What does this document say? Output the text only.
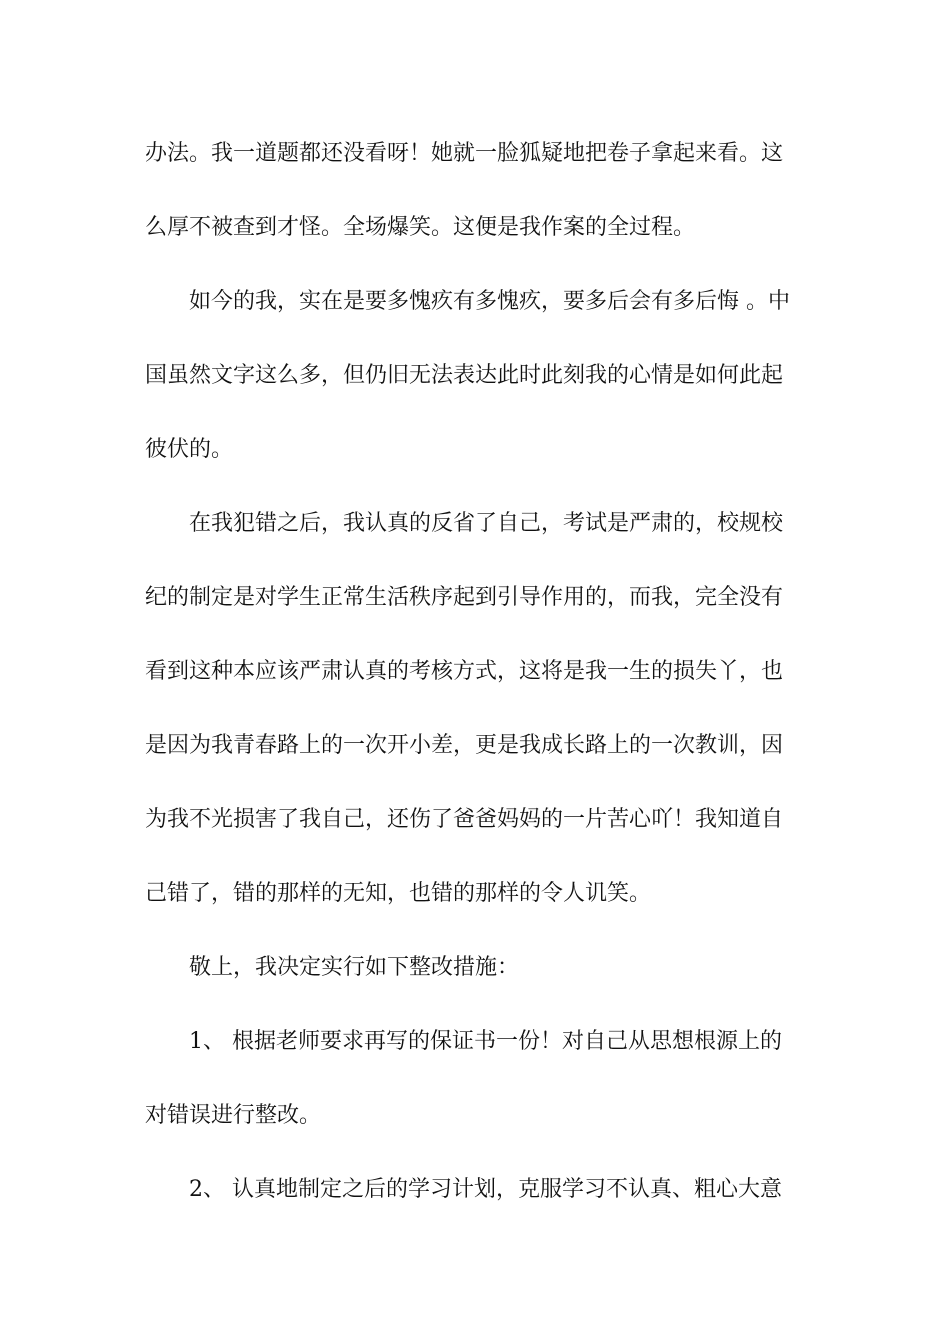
办法。我一道题都还没看呀！她就一脸狐疑地把卷子拿起来看。这
么厚不被查到才怪。全场爆笑。这便是我作案的全过程。
如今的我，实在是要多愧疚有多愧疚，要多后会有多后悔 。中
国虽然文字这么多，但仍旧无法表达此时此刻我的心情是如何此起
彼伏的。
在我犯错之后，我认真的反省了自己，考试是严肃的，校规校
纪的制定是对学生正常生活秩序起到引导作用的，而我，完全没有
看到这种本应该严肃认真的考核方式，这将是我一生的损失丫，也
是因为我青春路上的一次开小差，更是我成长路上的一次教训，因
为我不光损害了我自己，还伤了爸爸妈妈的一片苦心吖！我知道自
己错了，错的那样的无知，也错的那样的令人讥笑。
敬上，我决定实行如下整改措施：
1、 根据老师要求再写的保证书一份！对自己从思想根源上的
对错误进行整改。
2、 认真地制定之后的学习计划，克服学习不认真、粗心大意
